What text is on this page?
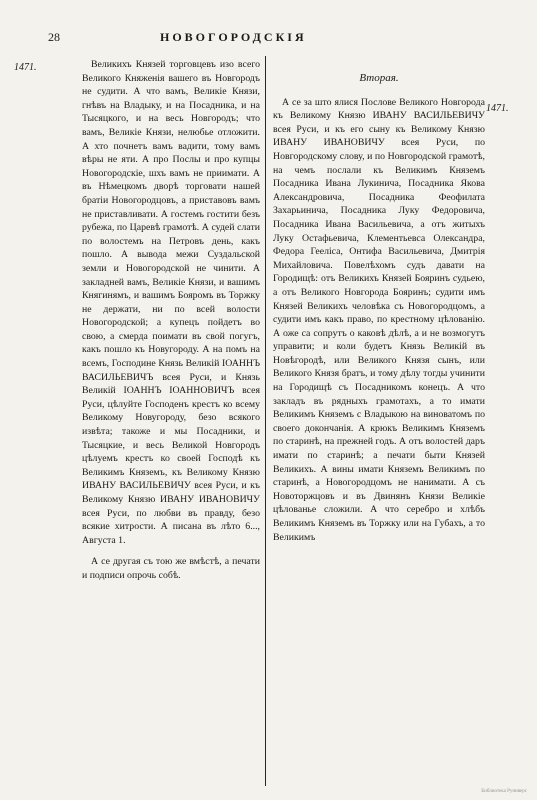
28	НОВОГОРОДСКІЯ
1471.
1471.

Великихъ Князей торговцевъ изо всего Великого Княженія вашего въ Новгородъ не судити. А что вамъ, Великіе Князи, гнѣвъ на Владыку, и на Посадника, и на Тысяцкого, и на весь Новгородъ; что вамъ, Великіе Князи, нелюбье отложити. А хто почнетъ вамъ вадити, тому вамъ вѣры не яти. А про Послы и про купцы Новогородскіе, шхъ вамъ не приимати. А въ Нѣмецкомъ дворѣ торговати нашей братіи Новогородцовъ, а приставовъ вамъ не приставливати. А гостемъ гостити безъ рубежа, по Царевѣ грамотѣ. А судей слати по волостемъ на Петровъ день, какъ пошло. А вывода межи Суздальской земли и Новогородской не чинити. А закладней вамъ, Великіе Князи, и вашимъ Княгинямъ, и вашимъ Бояромъ въ Торжку не держати, ни по всей волости Новогородской; а купецъ пойдетъ во свою, а смерда поимати въ свой погугъ, какъ пошло къ Новугороду. А на помъ на всемъ, Господине Князь Великій ІОАННЪ ВАСИЛЬЕВИЧЪ всея Руси, и Князь Великій ІОАННЪ ІОАННОВИЧЪ всея Руси, цѣлуйте Господенъ крестъ ко всему Великому Новугороду, безо всякого извѣта; такоже и мы Посадники, и Тысяцкие, и весь Великой Новгородъ цѣлуемъ крестъ ко своей Господѣ къ Великимъ Княземъ, къ Великому Князю ИВАНУ ВАСИЛЬЕВИЧУ всея Руси, и къ Великому Князю ИВАНУ ИВАНОВИЧУ всея Руси, по любви въ правду, безо всякие хитрости. А писана въ лѣто 6..., Августа 1.

А се другая съ тою же вмѣстѣ, а печати и подписи опрочь собѣ.

Вторая.

А се за што ялися Послове Великого Новгорода къ Великому Князю ИВАНУ ВАСИЛЬЕВИЧУ всея Руси, и къ его сыну къ Великому Князю ИВАНУ ИВАНОВИЧУ всея Руси, по Новгородскому слову, и по Новгородской грамотѣ, на чемъ послали къ Великимъ Княземъ Посадника Ивана Лукинича, Посадника Якова Александровича, Посадника Феофилата Захарьинича, Посадника Луку Федоровича, Посадника Ивана Васильевича, а отъ житыхъ Луку Остафьевича, Клементьевса Олександра, Федора Гееліса, Онтифа Васильевича, Дмитрія Михайловича. Повелѣхомъ судъ давати на Городищѣ: отъ Великихъ Князей Бояринъ судьею, а отъ Великого Новгорода Бояринъ; судити имъ Князей Великихъ человѣка съ Новогородцомъ, а судити имъ какъ право, по крестному цѣлованію. А оже са сопрутъ о каковѣ дѣлѣ, а и не возмогутъ управити; и коли будетъ Князь Великій въ Новѣгородѣ, или Великого Князя сынъ, или Великого Князя братъ, и тому дѣлу тогды учинити на Городищѣ съ Посадникомъ конецъ. А что закладъ въ рядныхъ грамотахъ, а то имати Великимъ Княземъ с Владыкою на виноватомъ по своего докончанія. А крюкъ Великимъ Княземъ по старинѣ, на прежней годъ. А отъ волостей даръ имати по старинѣ; а печати быти Князей Великихъ. А вины имати Княземъ Великимъ по старинѣ, а Новогородцомъ не нанимати. А съ Новоторжцовъ и въ Двинянъ Князи Великіе цѣлованье сложили. А что серебро и хлѣбъ Великимъ Княземъ въ Торжку или на Губахъ, а то Великимъ

Библиотека Руниверс
